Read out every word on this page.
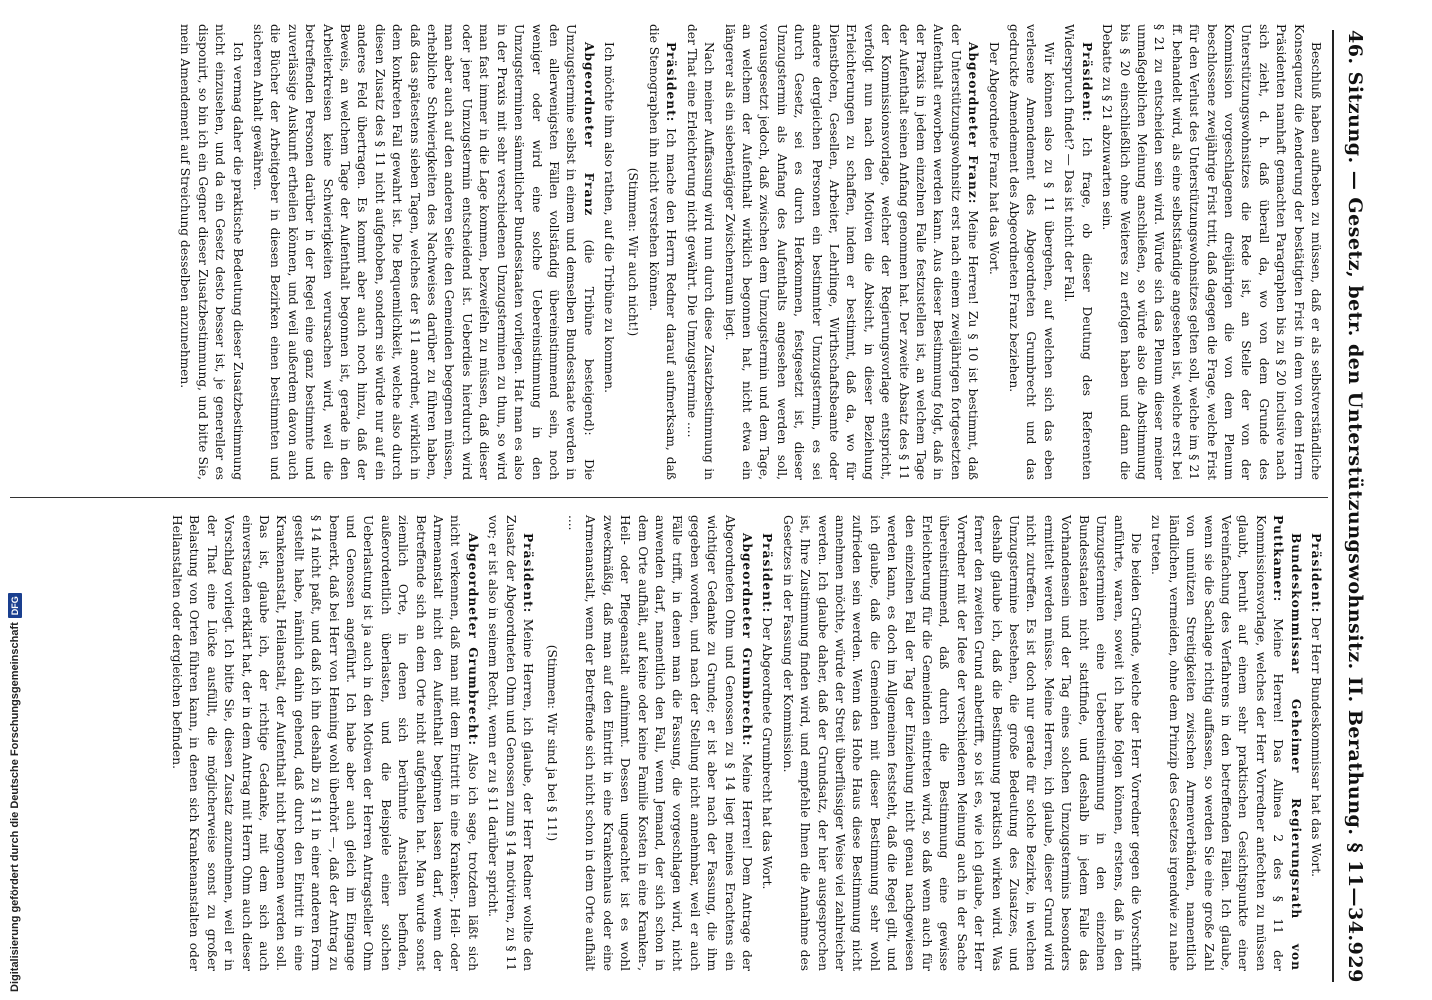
46. Sitzung. — Gesetz, betr. den Unterstützungswohnsitz. II. Berathung. § 11—34.
929

Beschluß haben aufheben zu müssen, daß er als selbstverständliche Konsequenz die Aenderung der bestätigten Frist in dem von dem Herrn Präsidenten namhaft gemachten Paragraphen bis zu § 20 inclusive nach sich zieht, d. h. daß überall da, wo von dem Grunde des Unterstützungswohnsitzes die Rede ist, an Stelle der von der Kommission vorgeschlagenen dreijährigen die von dem Plenum beschlossene zweijährige Frist tritt, daß dagegen die Frage, welche Frist für den Verlust des Unterstützungswohnsitzes gelten soll, welche im § 21 ff. behandelt wird, als eine selbstständige angesehen ist, welche erst bei § 21 zu entscheiden sein wird. Würde sich das Plenum dieser meiner unmaßgeblichen Meinung anschließen, so würde also die Abstimmung bis § 20 einschließlich ohne Weiteres zu erfolgen haben und dann die Debatte zu § 21 abzuwarten sein.

Präsident: Ich frage, ob dieser Deutung des Referenten Widerspruch findet? — Das ist nicht der Fall.

Wir können also zu § 11 übergehen, auf welchen sich das eben verlesene Amendement des Abgeordneten Grumbrecht und das gedruckte Amendement des Abgeordneten Franz beziehen.

Der Abgeordnete Franz hat das Wort.

Abgeordneter Franz: Meine Herren! Zu § 10 ist bestimmt, daß der Unterstützungswohnsitz erst nach einem zweijährigen fortgesetzten Aufenthalt erworben werden kann. Aus dieser Bestimmung folgt, daß in der Praxis in jedem einzelnen Falle festzustellen ist, an welchem Tage der Aufenthalt seinen Anfang genommen hat. Der zweite Absatz des § 11 der Kommissionsvorlage, welcher der Regierungsvorlage entspricht, verfolgt nun nach den Motiven die Absicht, in dieser Beziehung Erleichterungen zu schaffen, indem er bestimmt, daß da, wo für Dienstboten, Gesellen, Arbeiter, Lehrlinge, Wirthschaftsbeamte oder andere dergleichen Personen ein bestimmter Umzugstermin, es sei durch Gesetz, sei es durch Herkommen, festgesetzt ist, dieser Umzugstermin als Anfang des Aufenthalts angesehen werden soll, vorausgesetzt jedoch, daß zwischen dem Umzugstermin und dem Tage, an welchem der Aufenthalt wirklich begonnen hat, nicht etwa ein längerer als ein siebentägiger Zwischenraum liegt.

Nach meiner Auffassung wird nun durch diese Zusatzbestimmung in der That eine Erleichterung nicht gewährt. Die Umzugstermine ....

Präsident: Ich mache den Herrn Redner darauf aufmerksam, daß die Stenographen ihn nicht verstehen können.

(Stimmen: Wir auch nicht!)

Ich möchte ihm also rathen, auf die Tribüne zu kommen.

Abgeordneter Franz (die Tribüne besteigend): Die Umzugstermine selbst in einem und demselben Bundesstaate werden in den allerwenigsten Fällen vollständig übereinstimmend sein, noch weniger oder wird eine solche Uebereinstimmung in den Umzugsterminen sämmtlicher Bundesstaaten vorliegen. Hat man es also in der Praxis mit sehr verschiedenen Umzugsterminen zu thun, so wird man fast immer in die Lage kommen, bezweifeln zu müssen, daß dieser oder jener Umzugstermin entscheidend ist. Ueberdies hierdurch wird man aber auch auf den anderen Seite den Gemeinden begegnen müssen, erhebliche Schwierigkeiten des Nachweises darüber zu führen haben, daß das spätestens sieben Tagen, welches der § 11 anordnet, wirklich in dem konkreten Fall gewahrt ist. Die Bequemlichkeit, welche also durch diesen Zusatz des § 11 nicht aufgehoben, sondern sie würde nur auf ein anderes Feld übertragen. Es kommt aber auch noch hinzu, daß der Beweis, an welchem Tage der Aufenthalt begonnen ist, gerade in den Arbeiterkreisen keine Schwierigkeiten verursachen wird, weil die betreffenden Personen darüber in der Regel eine ganz bestimmte und zuverlässige Auskunft ertheilen können, und weil außerdem davon auch die Bücher der Arbeitgeber in diesen Bezirken einen bestimmten und sicheren Anhalt gewähren.

Ich vermag daher die praktische Bedeutung dieser Zusatzbestimmung nicht einzusehen, und da ein Gesetz desto besser ist, je genereller es disponirt, so bin ich ein Gegner dieser Zusatzbestimmung, und bitte Sie, mein Amendement auf Streichung desselben anzunehmen.

Präsident: Der Herr Bundeskommissar hat das Wort.

Bundeskommissar Geheimer Regierungsrath von Puttkamer: Meine Herren! Das Alinea 2 des § 11 der Kommissionsvorlage, welches der Herr Vorredner anfechten zu müssen glaubt, beruht auf einem sehr praktischen Gesichtspunkte einer Vereinfachung des Verfahrens in den betreffenden Fällen. Ich glaube, wenn sie die Sachlage richtig auffassen, so werden Sie eine große Zahl von unnützen Streitigkeiten zwischen Armenverbänden, namentlich ländlichen, vermeiden, ohne dem Prinzip des Gesetzes irgendwie zu nahe zu treten.

Die beiden Gründe, welche der Herr Vorredner gegen die Vorschrift anführte, waren, soweit ich habe folgen können, erstens, daß in den Umzugsterminen eine Uebereinstimmung in den einzelnen Bundesstaaten nicht stattfinde, und deshalb in jedem Falle das Vorhandensein und der Tag eines solchen Umzugstermins besonders ermittelt werden müsse. Meine Herren, ich glaube, dieser Grund wird nicht zutreffen. Es ist doch nur gerade für solche Bezirke, in welchen Umzugstermine bestehen, die große Bedeutung des Zusatzes, und deshalb glaube ich, daß die Bestimmung praktisch wirken wird. Was ferner den zweiten Grund anbetrifft, so ist es, wie ich glaube, der Herr Vorredner mit der Idee der verschiedenen Meinung auch in der Sache übereinstimmend, daß durch die Bestimmung eine gewisse Erleichterung für die Gemeinden eintreten wird, so daß wenn auch für den einzelnen Fall der Tag der Einziehung nicht genau nachgewiesen werden kann, es doch im Allgemeinen feststeht, daß die Regel gilt, und ich glaube, daß die Gemeinden mit dieser Bestimmung sehr wohl zufrieden sein werden. Wenn das Hohe Haus diese Bestimmung nicht annehmen möchte, würde der Streit überflüssiger Weise viel zahlreicher werden. Ich glaube daher, daß der Grundsatz, der hier ausgesprochen ist, Ihre Zustimmung finden wird, und empfehle Ihnen die Annahme des Gesetzes in der Fassung der Kommission.

Präsident: Der Abgeordnete Grumbrecht hat das Wort.

Abgeordneter Grumbrecht: Meine Herren! Dem Antrage der Abgeordneten Ohm und Genossen zu § 14 liegt meines Erachtens ein wichtiger Gedanke zu Grunde; er ist aber nach der Fassung, die ihm gegeben worden, und nach der Stellung nicht annehmbar, weil er auch Fälle trifft, in denen man die Fassung, die vorgeschlagen wird, nicht anwenden darf, namentlich den Fall, wenn Jemand, der sich schon in dem Orte aufhält, auf keine oder keine Familie Kosten in eine Kranken-, Heil- oder Pflegeanstalt aufnimmt. Dessen ungeachtet ist es wohl zweckmäßig, daß man auf den Eintritt in eine Krankenhaus oder eine Armenanstalt, wenn der Betreffende sich nicht schon in dem Orte aufhält ....

(Stimmen: Wir sind ja bei § 11!)

Präsident: Meine Herren, ich glaube, der Herr Redner wollte den Zusatz der Abgeordneten Ohm und Genossen zum § 14 motiviren, zu § 11 vor; er ist also in seinem Recht, wenn er zu § 11 darüber spricht.

Abgeordneter Grumbrecht: Also ich sage, trotzdem läßt sich nicht verkennen, daß man mit dem Eintritt in eine Kranken-, Heil- oder Armenanstalt nicht den Aufenthalt beginnen lassen darf, wenn der Betreffende sich an dem Orte nicht aufgehalten hat. Man wurde sonst ziemlich Orte, in denen sich berühmte Anstalten befinden, außerordentlich überlasten, und die Beispiele einer solchen Ueberlastung ist ja auch in den Motiven der Herren Antragsteller Ohm und Genossen angeführt. Ich habe aber auch gleich im Eingange bemerkt, daß bei Herr von Henning wohl überhört —, daß der Antrag zu § 14 nicht paßt, und daß ich ihn deshalb zu § 11 in einer anderen Form gestellt habe, nämlich dahin gehend, daß durch den Eintritt in eine Krankenanstalt, Heilanstalt, der Aufenthalt nicht begonnen werden soll. Das ist, glaube ich, der richtige Gedanke, mit dem sich auch einverstanden erklärt hat, der in dem Antrag mit Herrn Ohm auch dieser Vorschlag vorliegt. Ich bitte Sie, diesen Zusatz anzunehmen, weil er in der That eine Lücke ausfüllt, die möglicherweise sonst zu großer Belastung von Orten führen kann, in denen sich Krankenanstalten oder Heilanstalten oder dergleichen befinden.

Digitalisierung gefördert durch die Deutsche Forschungsgemeinschaft
DFG
